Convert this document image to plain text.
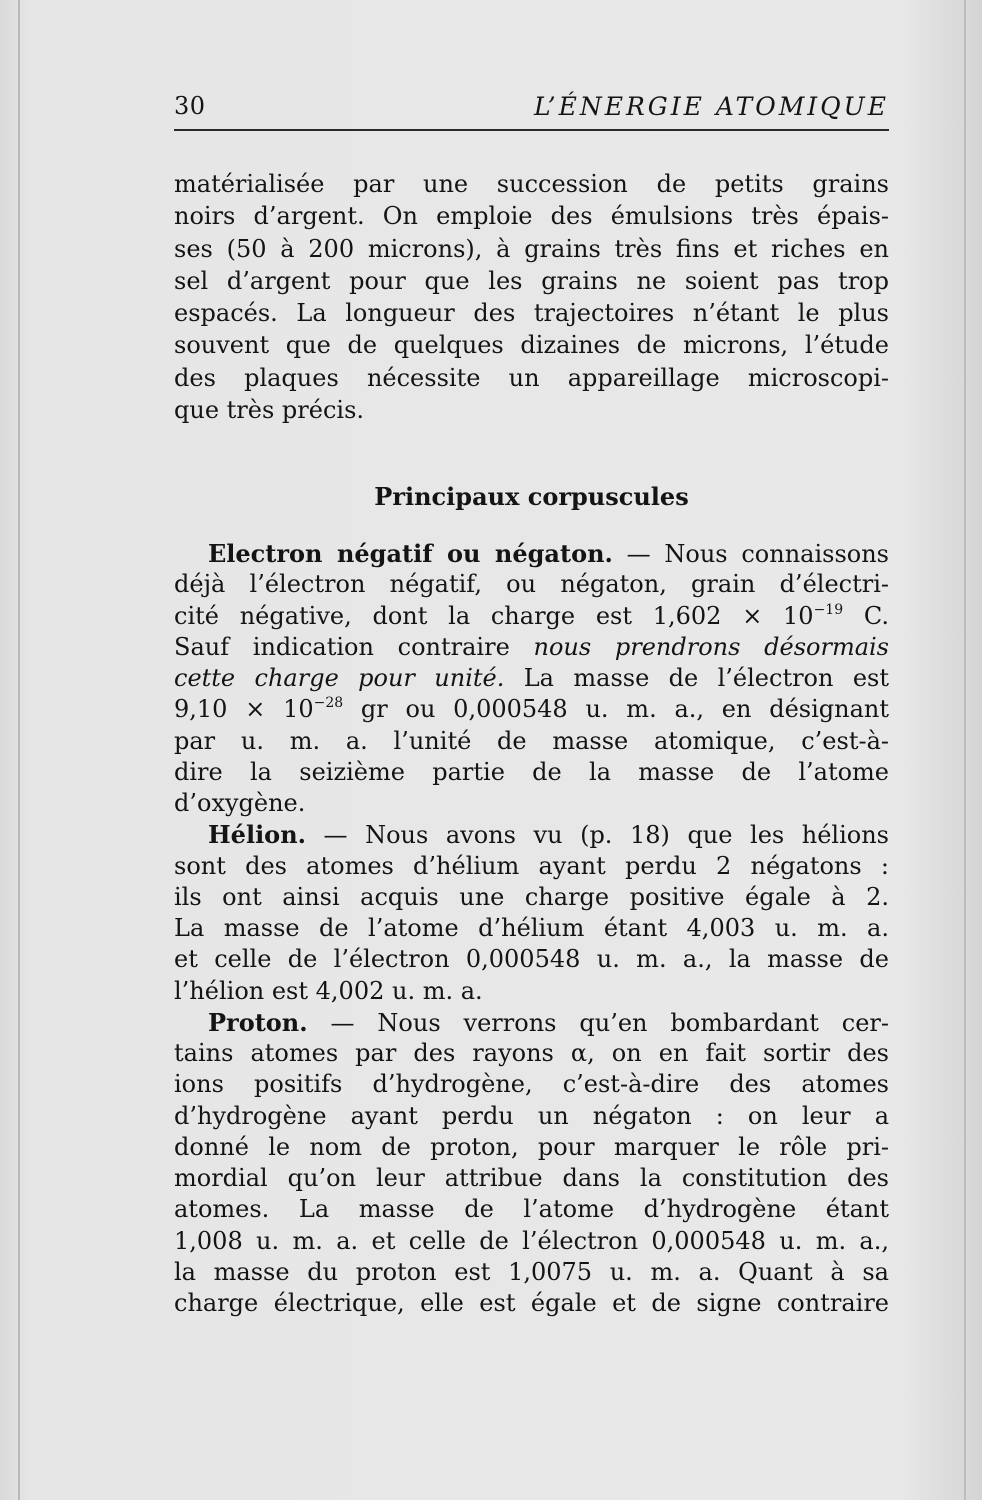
30	L’ÉNERGIE ATOMIQUE
matérialisée par une succession de petits grains
noirs d’argent. On emploie des émulsions très épais-
ses (50 à 200 microns), à grains très fins et riches en
sel d’argent pour que les grains ne soient pas trop
espacés. La longueur des trajectoires n’étant le plus
souvent que de quelques dizaines de microns, l’étude
des plaques nécessite un appareillage microscopi-
que très précis.
Principaux corpuscules
Electron négatif ou négaton. — Nous connaissons
déjà l’électron négatif, ou négaton, grain d’électri-
cité négative, dont la charge est $1,602 \times 10^{-19}$ C.
Sauf indication contraire nous prendrons désormais
cette charge pour unité. La masse de l’électron est
$9,10 \times 10^{-28}$ gr ou 0,000548 u. m. a., en désignant
par u. m. a. l’unité de masse atomique, c’est-à-
dire la seizième partie de la masse de l’atome
d’oxygène.
Hélion. — Nous avons vu (p. 18) que les hélions
sont des atomes d’hélium ayant perdu 2 négatons :
ils ont ainsi acquis une charge positive égale à 2.
La masse de l’atome d’hélium étant 4,003 u. m. a.
et celle de l’électron 0,000548 u. m. a., la masse de
l’hélion est 4,002 u. m. a.
Proton. — Nous verrons qu’en bombardant cer-
tains atomes par des rayons α, on en fait sortir des
ions positifs d’hydrogène, c’est-à-dire des atomes
d’hydrogène ayant perdu un négaton : on leur a
donné le nom de proton, pour marquer le rôle pri-
mordial qu’on leur attribue dans la constitution des
atomes. La masse de l’atome d’hydrogène étant
1,008 u. m. a. et celle de l’électron 0,000548 u. m. a.,
la masse du proton est 1,0075 u. m. a. Quant à sa
charge électrique, elle est égale et de signe contraire
